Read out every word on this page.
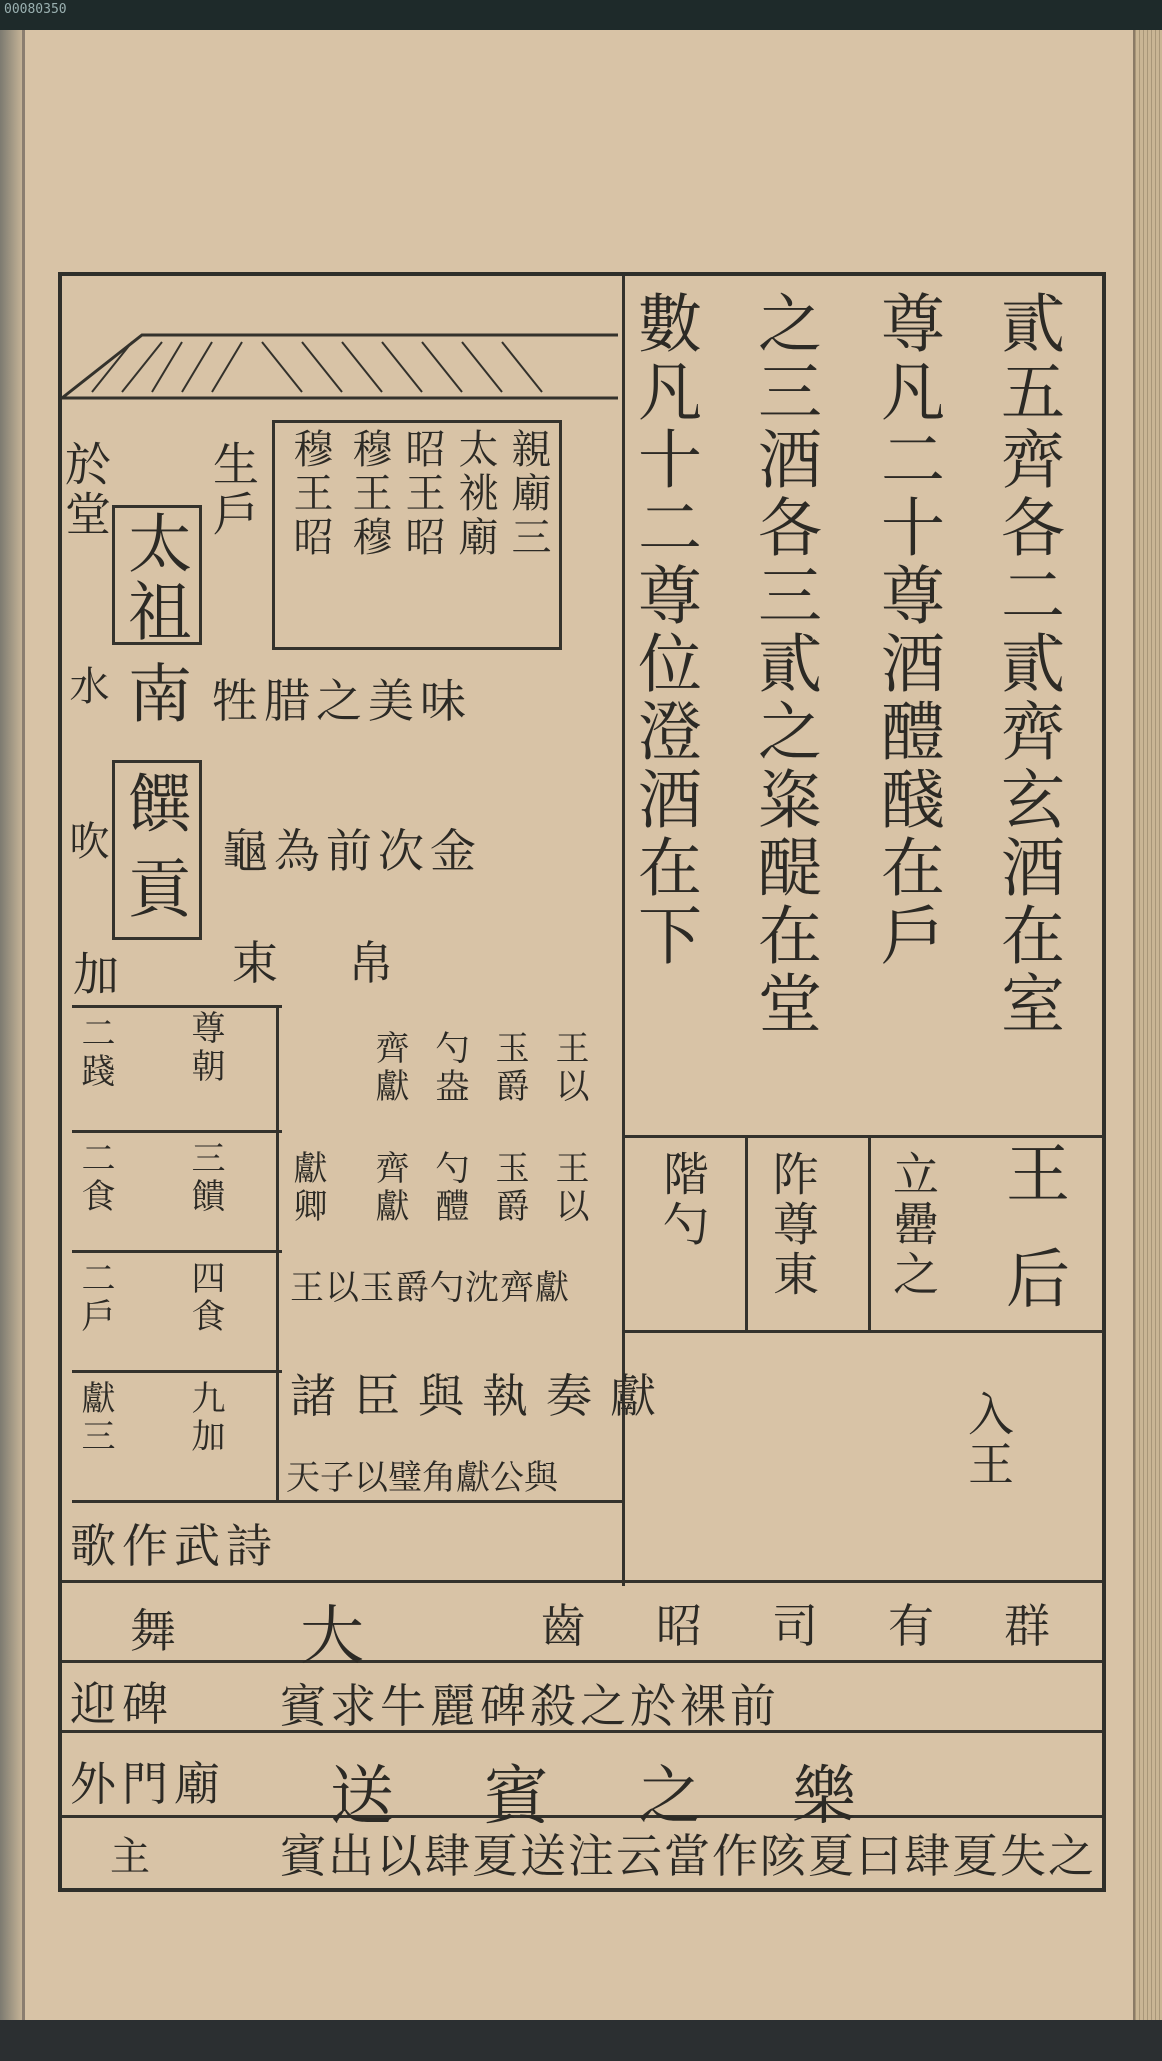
00080350
貳五齊各二貳齊玄酒在室
尊凡二十尊酒醴醆在戶
之三酒各三貳之粢醍在堂
數凡十二尊位澄酒在下
王
后
立罍之
阼尊東
階勺
入王
親廟三
太祧廟
昭王昭
穆王穆
穆王昭
生戶
於堂
太祖
南
饌
貢
水
吹
加
牲腊之美味
龜為前次金
束帛
王以
玉爵
勺盎
齊獻
王以
玉爵
勺醴
齊獻
獻卿
王以玉爵勺沈齊獻
諸臣與執奏獻
天子以璧角獻公與
尊朝
二踐
三饋
二食
四食
二戶
九加
獻三
歌作武詩
齒昭司有群
舞 大
迎碑 賓求牛麗碑殺之於裸前
外門廟 送賓之樂
主	賓出以肆夏送注云當作陔夏曰肆夏失之
